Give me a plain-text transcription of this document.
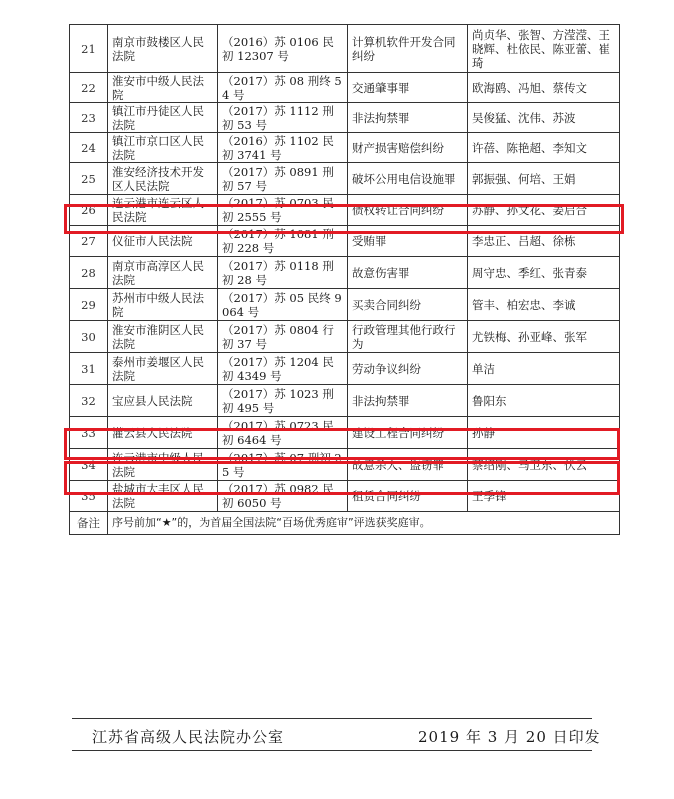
21	南京市鼓楼区人民法院	（2016）苏 0106 民初 12307 号	计算机软件开发合同纠纷	尚贞华、张智、方滢滢、王晓辉、杜依民、陈亚蕾、崔琦
22	淮安市中级人民法院	（2017）苏 08 刑终 54 号	交通肇事罪	欧海鸥、冯旭、蔡传文
23	镇江市丹徒区人民法院	（2017）苏 1112 刑初 53 号	非法拘禁罪	吴俊猛、沈伟、苏波
24	镇江市京口区人民法院	（2016）苏 1102 民初 3741 号	财产损害赔偿纠纷	许蓓、陈艳超、李知文
25	淮安经济技术开发区人民法院	（2017）苏 0891 刑初 57 号	破坏公用电信设施罪	郭振强、何培、王娟
26	连云港市连云区人民法院	（2017）苏 0703 民初 2555 号	债权转让合同纠纷	苏静、孙文花、姜启合
27	仪征市人民法院	（2017）苏 1081 刑初 228 号	受贿罪	李忠正、吕超、徐栋
28	南京市高淳区人民法院	（2017）苏 0118 刑初 28 号	故意伤害罪	周守忠、季红、张青泰
29	苏州市中级人民法院	（2017）苏 05 民终 9064 号	买卖合同纠纷	管丰、柏宏忠、李诚
30	淮安市淮阴区人民法院	（2017）苏 0804 行初 37 号	行政管理其他行政行为	尤铁梅、孙亚峰、张军
31	泰州市姜堰区人民法院	（2017）苏 1204 民初 4349 号	劳动争议纠纷	单洁
32	宝应县人民法院	（2017）苏 1023 刑初 495 号	非法拘禁罪	鲁阳东
33	灌云县人民法院	（2017）苏 0723 民初 6464 号	建设工程合同纠纷	孙静
34	连云港市中级人民法院	（2017）苏 07 刑初 25 号	故意杀人、盗窃罪	蔡绍刚、马卫东、伏云
35	盐城市大丰区人民法院	（2017）苏 0982 民初 6050 号	租赁合同纠纷	王季锋
备注	序号前加“★”的，为首届全国法院“百场优秀庭审”评选获奖庭审。			
江苏省高级人民法院办公室	2019 年 3 月 20 日印发
